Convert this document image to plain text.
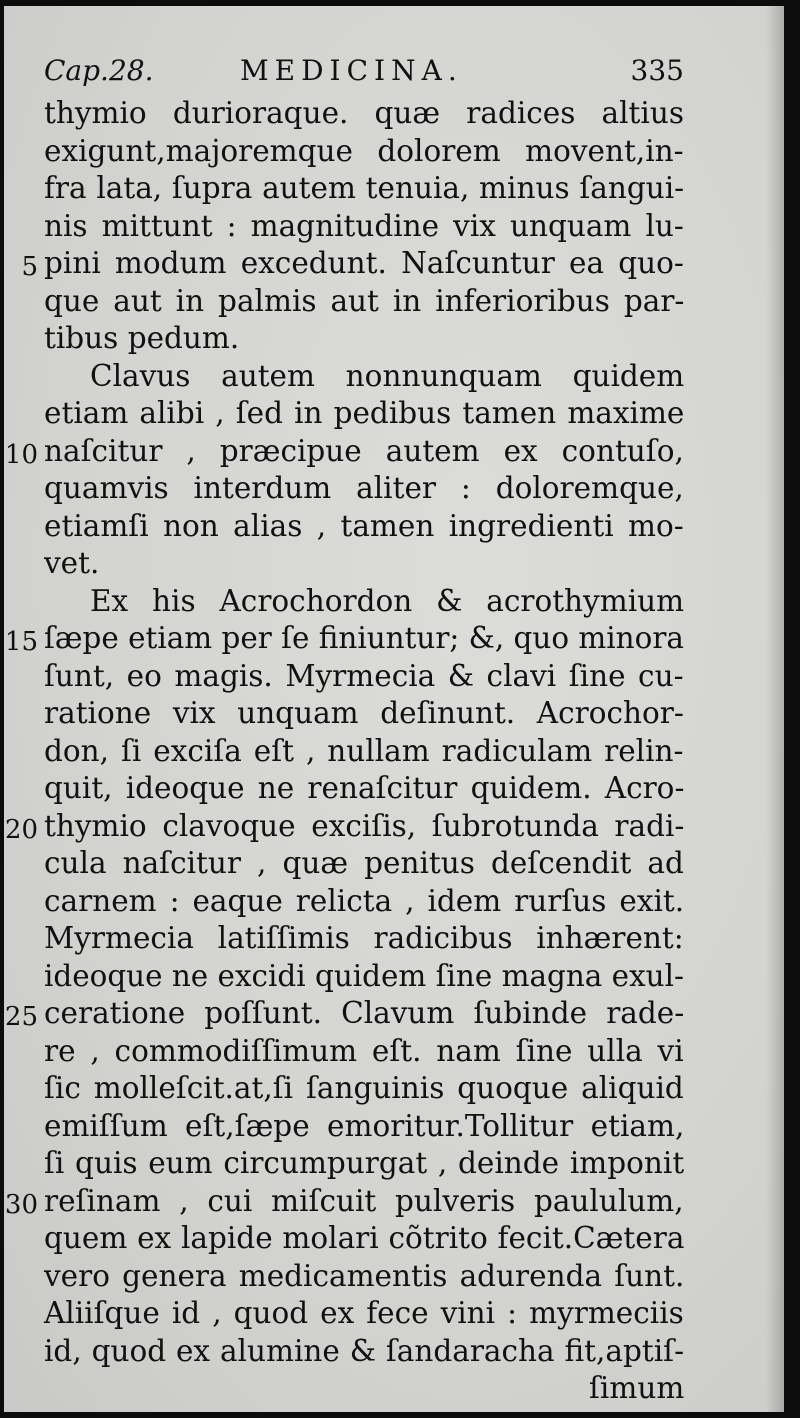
Cap.28.	MEDICINA.	335
thymio durioraque. quæ radices altius
exigunt,majoremque dolorem movent,in-
fra lata, ſupra autem tenuia, minus ſangui-
nis mittunt : magnitudine vix unquam lu-
5 pini modum excedunt. Naſcuntur ea quo-
que aut in palmis aut in inferioribus par-
tibus pedum.
Clavus autem nonnunquam quidem
etiam alibi , ſed in pedibus tamen maxime
10 naſcitur , præcipue autem ex contuſo,
quamvis interdum aliter : doloremque,
etiamſi non alias , tamen ingredienti mo-
vet.
Ex his Acrochordon & acrothymium
15 ſæpe etiam per ſe finiuntur; &, quo minora
ſunt, eo magis. Myrmecia & clavi ſine cu-
ratione vix unquam deſinunt. Acrochor-
don, ſi exciſa eſt , nullam radiculam relin-
quit, ideoque ne renaſcitur quidem. Acro-
20 thymio clavoque exciſis, ſubrotunda radi-
cula naſcitur , quæ penitus deſcendit ad
carnem : eaque relicta , idem rurſus exit.
Myrmecia latiſſimis radicibus inhærent:
ideoque ne excidi quidem ſine magna exul-
25 ceratione poſſunt. Clavum ſubinde rade-
re , commodiſſimum eſt. nam ſine ulla vi
ſic molleſcit.at,ſi ſanguinis quoque aliquid
emiſſum eſt,ſæpe emoritur.Tollitur etiam,
ſi quis eum circumpurgat , deinde imponit
30 reſinam , cui miſcuit pulveris paululum,
quem ex lapide molari cõtrito fecit.Cætera
vero genera medicamentis adurenda ſunt.
Aliiſque id , quod ex fece vini : myrmeciis
id, quod ex alumine & ſandaracha fit,aptiſ-
ſimum
